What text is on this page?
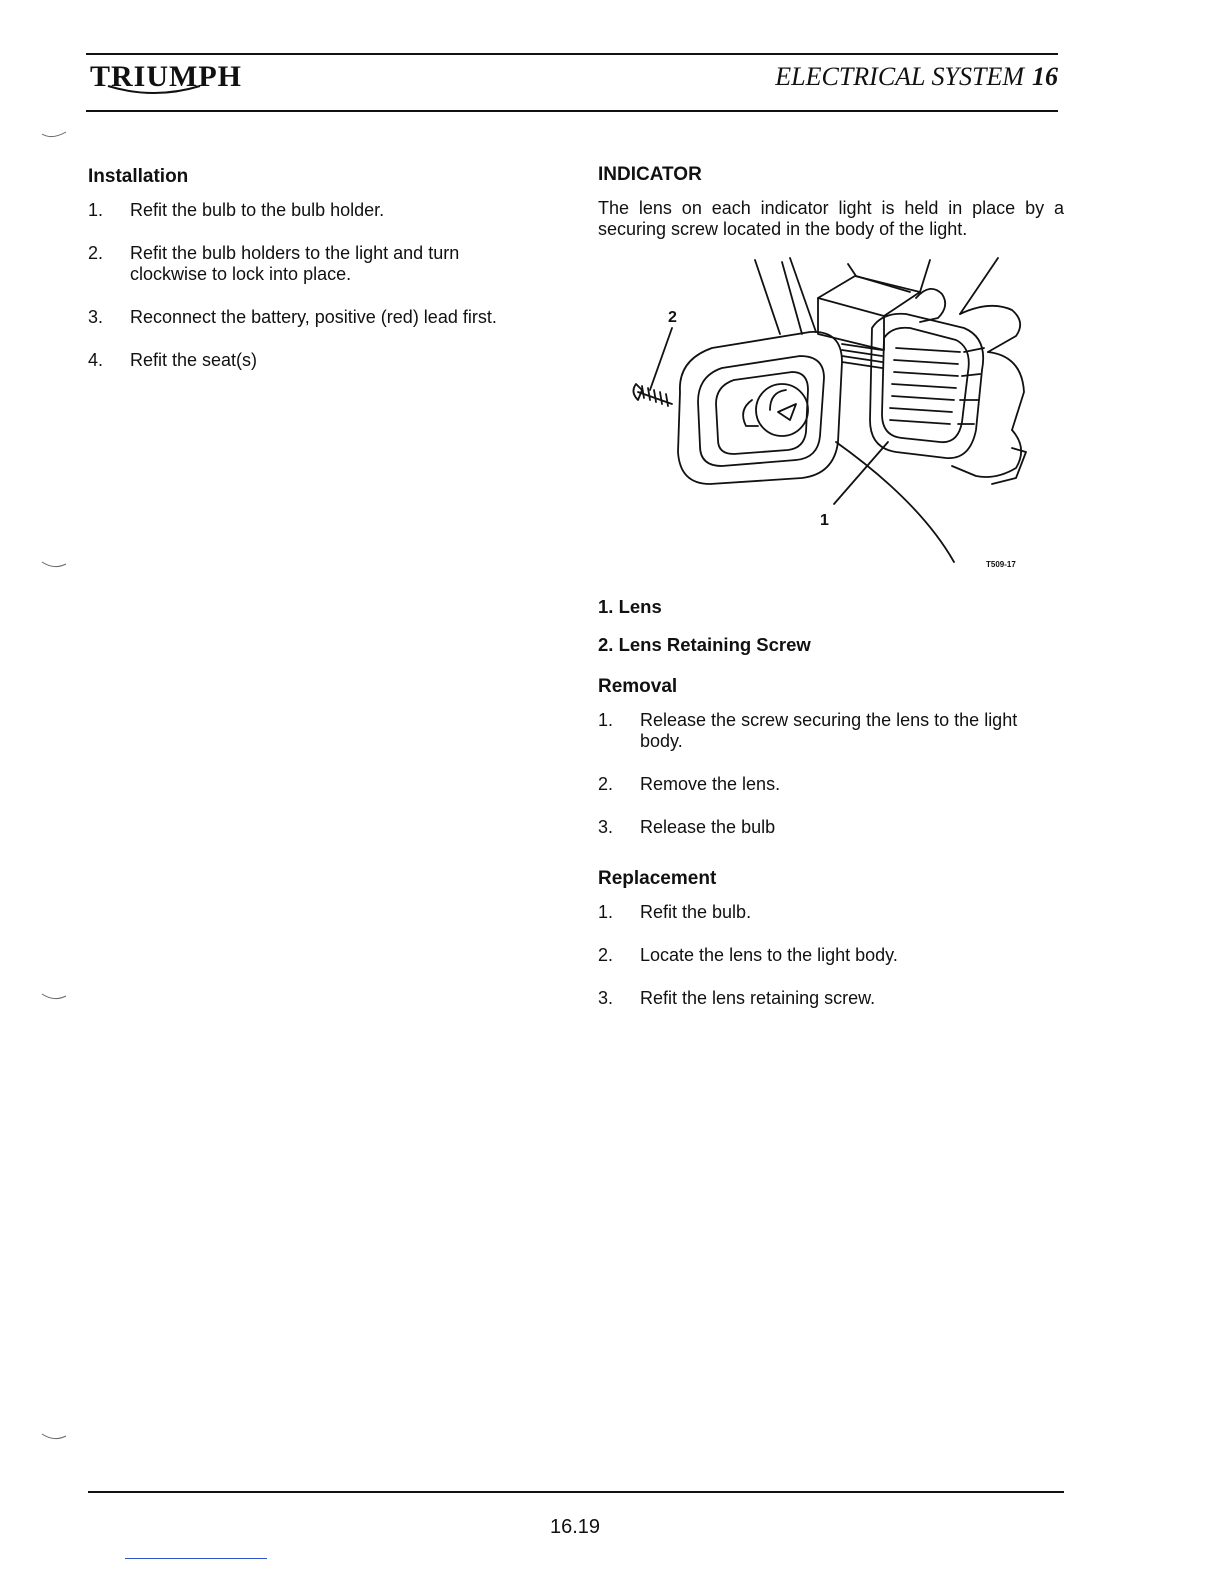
TRIUMPH	ELECTRICAL SYSTEM 16
Installation
1. Refit the bulb to the bulb holder.
2. Refit the bulb holders to the light and turn clockwise to lock into place.
3. Reconnect the battery, positive (red) lead first.
4. Refit the seat(s)
INDICATOR

The lens on each indicator light is held in place by a securing screw located in the body of the light.

1. Lens

2. Lens Retaining Screw

Removal
1. Release the screw securing the lens to the light body.
2. Remove the lens.
3. Release the bulb
Replacement
1. Refit the bulb.
2. Locate the lens to the light body.
3. Refit the lens retaining screw.
2
1
T509-17
16.19
